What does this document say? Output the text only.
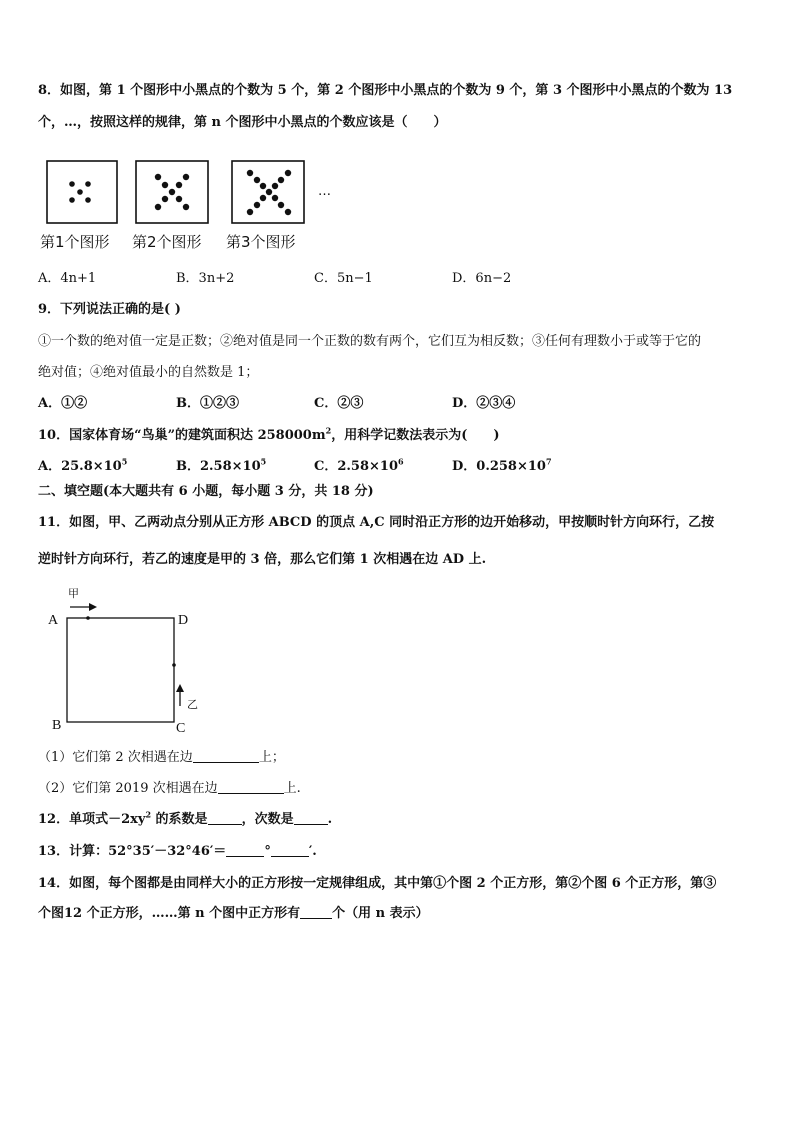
8．如图，第 1 个图形中小黑点的个数为 5 个，第 2 个图形中小黑点的个数为 9 个，第 3 个图形中小黑点的个数为 13
个，…，按照这样的规律，第 n 个图形中小黑点的个数应该是（　　）
…
第1个图形 第2个图形 第3个图形
A．4n+1	B．3n+2	C．5n−1	D．6n−2
9．下列说法正确的是( )
①一个数的绝对值一定是正数；②绝对值是同一个正数的数有两个，它们互为相反数；③任何有理数小于或等于它的
绝对值；④绝对值最小的自然数是 1；
A．①②	B．①②③	C．②③	D．②③④
10．国家体育场“鸟巢”的建筑面积达 $258000m^2$，用科学记数法表示为(　　)
A．$25.8\times 10^5$	B．$2.58\times 10^5$	C．$2.58\times 10^6$	D．$0.258\times 10^7$
二、填空题(本大题共有 6 小题，每小题 3 分，共 18 分)
11．如图，甲、乙两动点分别从正方形 ABCD 的顶点 A,C 同时沿正方形的边开始移动，甲按顺时针方向环行，乙按
逆时针方向环行，若乙的速度是甲的 3 倍，那么它们第 1 次相遇在边 AD 上.
A	D
B	C
甲
乙
（1）它们第 2 次相遇在边	上；
（2）它们第 2019 次相遇在边	上.
12．单项式$-2xy^2$ 的系数是	，次数是	.
13．计算：52°35′－32°46′＝	°	′.
14．如图，每个图都是由同样大小的正方形按一定规律组成，其中第①个图 2 个正方形，第②个图 6 个正方形，第③
个图12 个正方形，……第 n 个图中正方形有 个（用 n 表示）
